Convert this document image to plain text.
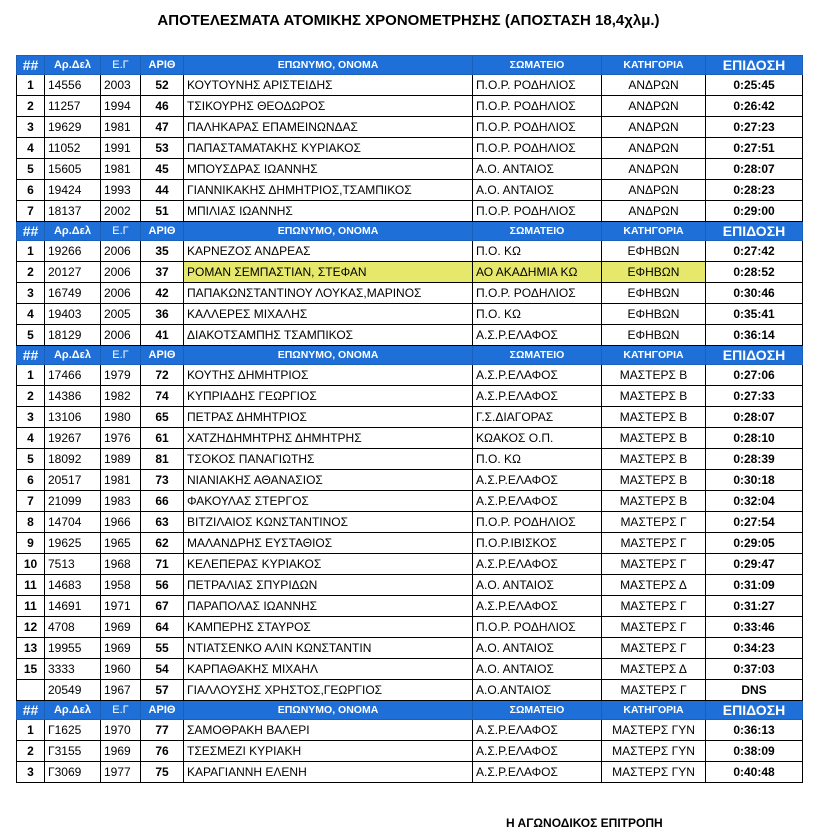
ΑΠΟΤΕΛΕΣΜΑΤΑ ΑΤΟΜΙΚΗΣ ΧΡΟΝΟΜΕΤΡΗΣΗΣ (ΑΠΟΣΤΑΣΗ 18,4χλμ.)
##	Αρ.Δελ	Ε.Γ	ΑΡΙΘ	ΕΠΩΝΥΜΟ, ΟΝΟΜΑ	ΣΩΜΑΤΕΙΟ	ΚΑΤΗΓΟΡΙΑ	ΕΠΙΔΟΣΗ
1	14556	2003	52	ΚΟΥΤΟΥΝΗΣ ΑΡΙΣΤΕΙΔΗΣ	Π.Ο.Ρ. ΡΟΔΗΛΙΟΣ	ΑΝΔΡΩΝ	0:25:45
2	11257	1994	46	ΤΣΙΚΟΥΡΗΣ ΘΕΟΔΩΡΟΣ	Π.Ο.Ρ. ΡΟΔΗΛΙΟΣ	ΑΝΔΡΩΝ	0:26:42
3	19629	1981	47	ΠΑΛΗΚΑΡΑΣ ΕΠΑΜΕΙΝΩΝΔΑΣ	Π.Ο.Ρ. ΡΟΔΗΛΙΟΣ	ΑΝΔΡΩΝ	0:27:23
4	11052	1991	53	ΠΑΠΑΣΤΑΜΑΤΑΚΗΣ ΚΥΡΙΑΚΟΣ	Π.Ο.Ρ. ΡΟΔΗΛΙΟΣ	ΑΝΔΡΩΝ	0:27:51
5	15605	1981	45	ΜΠΟΥΣΔΡΑΣ ΙΩΑΝΝΗΣ	Α.Ο. ΑΝΤΑΙΟΣ	ΑΝΔΡΩΝ	0:28:07
6	19424	1993	44	ΓΙΑΝΝΙΚΑΚΗΣ ΔΗΜΗΤΡΙΟΣ,ΤΣΑΜΠΙΚΟΣ	Α.Ο. ΑΝΤΑΙΟΣ	ΑΝΔΡΩΝ	0:28:23
7	18137	2002	51	ΜΠΙΛΙΑΣ ΙΩΑΝΝΗΣ	Π.Ο.Ρ. ΡΟΔΗΛΙΟΣ	ΑΝΔΡΩΝ	0:29:00
##	Αρ.Δελ	Ε.Γ	ΑΡΙΘ	ΕΠΩΝΥΜΟ, ΟΝΟΜΑ	ΣΩΜΑΤΕΙΟ	ΚΑΤΗΓΟΡΙΑ	ΕΠΙΔΟΣΗ
1	19266	2006	35	ΚΑΡΝΕΖΟΣ ΑΝΔΡΕΑΣ	Π.Ο. ΚΩ	ΕΦΗΒΩΝ	0:27:42
2	20127	2006	37	ΡΟΜΑΝ ΣΕΜΠΑΣΤΙΑΝ, ΣΤΕΦΑΝ	ΑΟ ΑΚΑΔΗΜΙΑ ΚΩ	ΕΦΗΒΩΝ	0:28:52
3	16749	2006	42	ΠΑΠΑΚΩΝΣΤΑΝΤΙΝΟΥ ΛΟΥΚΑΣ,ΜΑΡΙΝΟΣ	Π.Ο.Ρ. ΡΟΔΗΛΙΟΣ	ΕΦΗΒΩΝ	0:30:46
4	19403	2005	36	ΚΑΛΛΕΡΕΣ ΜΙΧΑΛΗΣ	Π.Ο. ΚΩ	ΕΦΗΒΩΝ	0:35:41
5	18129	2006	41	ΔΙΑΚΟΤΣΑΜΠΗΣ ΤΣΑΜΠΙΚΟΣ	Α.Σ.Ρ.ΕΛΑΦΟΣ	ΕΦΗΒΩΝ	0:36:14
##	Αρ.Δελ	Ε.Γ	ΑΡΙΘ	ΕΠΩΝΥΜΟ, ΟΝΟΜΑ	ΣΩΜΑΤΕΙΟ	ΚΑΤΗΓΟΡΙΑ	ΕΠΙΔΟΣΗ
1	17466	1979	72	ΚΟΥΤΗΣ ΔΗΜΗΤΡΙΟΣ	Α.Σ.Ρ.ΕΛΑΦΟΣ	ΜΑΣΤΕΡΣ Β	0:27:06
2	14386	1982	74	ΚΥΠΡΙΑΔΗΣ ΓΕΩΡΓΙΟΣ	Α.Σ.Ρ.ΕΛΑΦΟΣ	ΜΑΣΤΕΡΣ Β	0:27:33
3	13106	1980	65	ΠΕΤΡΑΣ ΔΗΜΗΤΡΙΟΣ	Γ.Σ.ΔΙΑΓΟΡΑΣ	ΜΑΣΤΕΡΣ Β	0:28:07
4	19267	1976	61	ΧΑΤΖΗΔΗΜΗΤΡΗΣ ΔΗΜΗΤΡΗΣ	ΚΩΑΚΟΣ Ο.Π.	ΜΑΣΤΕΡΣ Β	0:28:10
5	18092	1989	81	ΤΣΟΚΟΣ ΠΑΝΑΓΙΩΤΗΣ	Π.Ο. ΚΩ	ΜΑΣΤΕΡΣ Β	0:28:39
6	20517	1981	73	ΝΙΑΝΙΑΚΗΣ ΑΘΑΝΑΣΙΟΣ	Α.Σ.Ρ.ΕΛΑΦΟΣ	ΜΑΣΤΕΡΣ Β	0:30:18
7	21099	1983	66	ΦΑΚΟΥΛΑΣ ΣΤΕΡΓΟΣ	Α.Σ.Ρ.ΕΛΑΦΟΣ	ΜΑΣΤΕΡΣ Β	0:32:04
8	14704	1966	63	ΒΙΤΖΙΛΑΙΟΣ ΚΩΝΣΤΑΝΤΙΝΟΣ	Π.Ο.Ρ. ΡΟΔΗΛΙΟΣ	ΜΑΣΤΕΡΣ Γ	0:27:54
9	19625	1965	62	ΜΑΛΑΝΔΡΗΣ ΕΥΣΤΑΘΙΟΣ	Π.Ο.Ρ.ΙΒΙΣΚΟΣ	ΜΑΣΤΕΡΣ Γ	0:29:05
10	7513	1968	71	ΚΕΛΕΠΕΡΑΣ ΚΥΡΙΑΚΟΣ	Α.Σ.Ρ.ΕΛΑΦΟΣ	ΜΑΣΤΕΡΣ Γ	0:29:47
11	14683	1958	56	ΠΕΤΡΑΛΙΑΣ ΣΠΥΡΙΔΩΝ	Α.Ο. ΑΝΤΑΙΟΣ	ΜΑΣΤΕΡΣ Δ	0:31:09
11	14691	1971	67	ΠΑΡΑΠΟΛΑΣ ΙΩΑΝΝΗΣ	Α.Σ.Ρ.ΕΛΑΦΟΣ	ΜΑΣΤΕΡΣ Γ	0:31:27
12	4708	1969	64	ΚΑΜΠΕΡΗΣ ΣΤΑΥΡΟΣ	Π.Ο.Ρ. ΡΟΔΗΛΙΟΣ	ΜΑΣΤΕΡΣ Γ	0:33:46
13	19955	1969	55	ΝΤΙΑΤΣΕΝΚΟ ΑΛΙΝ ΚΩΝΣΤΑΝΤΙΝ	Α.Ο. ΑΝΤΑΙΟΣ	ΜΑΣΤΕΡΣ Γ	0:34:23
15	3333	1960	54	ΚΑΡΠΑΘΑΚΗΣ ΜΙΧΑΗΛ	Α.Ο. ΑΝΤΑΙΟΣ	ΜΑΣΤΕΡΣ Δ	0:37:03
	20549	1967	57	ΓΙΑΛΛΟΥΣΗΣ ΧΡΗΣΤΟΣ,ΓΕΩΡΓΙΟΣ	Α.Ο.ΑΝΤΑΙΟΣ	ΜΑΣΤΕΡΣ Γ	DNS
##	Αρ.Δελ	Ε.Γ	ΑΡΙΘ	ΕΠΩΝΥΜΟ, ΟΝΟΜΑ	ΣΩΜΑΤΕΙΟ	ΚΑΤΗΓΟΡΙΑ	ΕΠΙΔΟΣΗ
1	Γ1625	1970	77	ΣΑΜΟΘΡΑΚΗ ΒΑΛΕΡΙ	Α.Σ.Ρ.ΕΛΑΦΟΣ	ΜΑΣΤΕΡΣ ΓΥΝ	0:36:13
2	Γ3155	1969	76	ΤΣΕΣΜΕΖΙ ΚΥΡΙΑΚΗ	Α.Σ.Ρ.ΕΛΑΦΟΣ	ΜΑΣΤΕΡΣ ΓΥΝ	0:38:09
3	Γ3069	1977	75	ΚΑΡΑΓΙΑΝΝΗ ΕΛΕΝΗ	Α.Σ.Ρ.ΕΛΑΦΟΣ	ΜΑΣΤΕΡΣ ΓΥΝ	0:40:48
Η ΑΓΩΝΟΔΙΚΟΣ ΕΠΙΤΡΟΠΗ
